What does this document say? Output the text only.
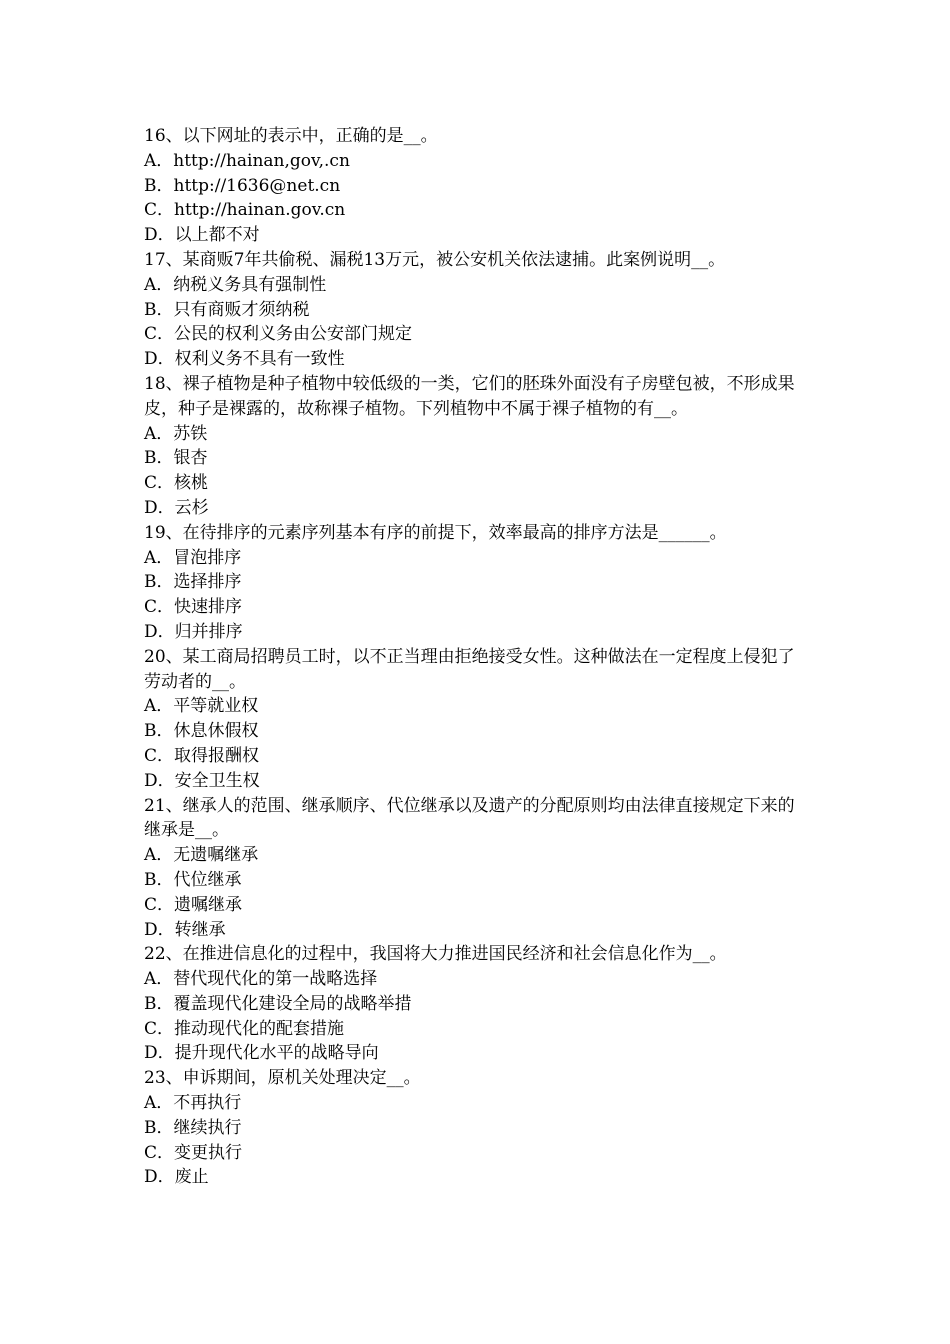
16、以下网址的表示中，正确的是__。
A．http://hainan,gov,.cn
B．http://1636@net.cn
C．http://hainan.gov.cn
D．以上都不对
17、某商贩7年共偷税、漏税13万元，被公安机关依法逮捕。此案例说明__。
A．纳税义务具有强制性
B．只有商贩才须纳税
C．公民的权利义务由公安部门规定
D．权利义务不具有一致性
18、裸子植物是种子植物中较低级的一类，它们的胚珠外面没有子房壁包被，不形成果皮，种子是裸露的，故称裸子植物。下列植物中不属于裸子植物的有__。
A．苏铁
B．银杏
C．核桃
D．云杉
19、在待排序的元素序列基本有序的前提下，效率最高的排序方法是______。
A．冒泡排序
B．选择排序
C．快速排序
D．归并排序
20、某工商局招聘员工时，以不正当理由拒绝接受女性。这种做法在一定程度上侵犯了劳动者的__。
A．平等就业权
B．休息休假权
C．取得报酬权
D．安全卫生权
21、继承人的范围、继承顺序、代位继承以及遗产的分配原则均由法律直接规定下来的继承是__。
A．无遗嘱继承
B．代位继承
C．遗嘱继承
D．转继承
22、在推进信息化的过程中，我国将大力推进国民经济和社会信息化作为__。
A．替代现代化的第一战略选择
B．覆盖现代化建设全局的战略举措
C．推动现代化的配套措施
D．提升现代化水平的战略导向
23、申诉期间，原机关处理决定__。
A．不再执行
B．继续执行
C．变更执行
D．废止
